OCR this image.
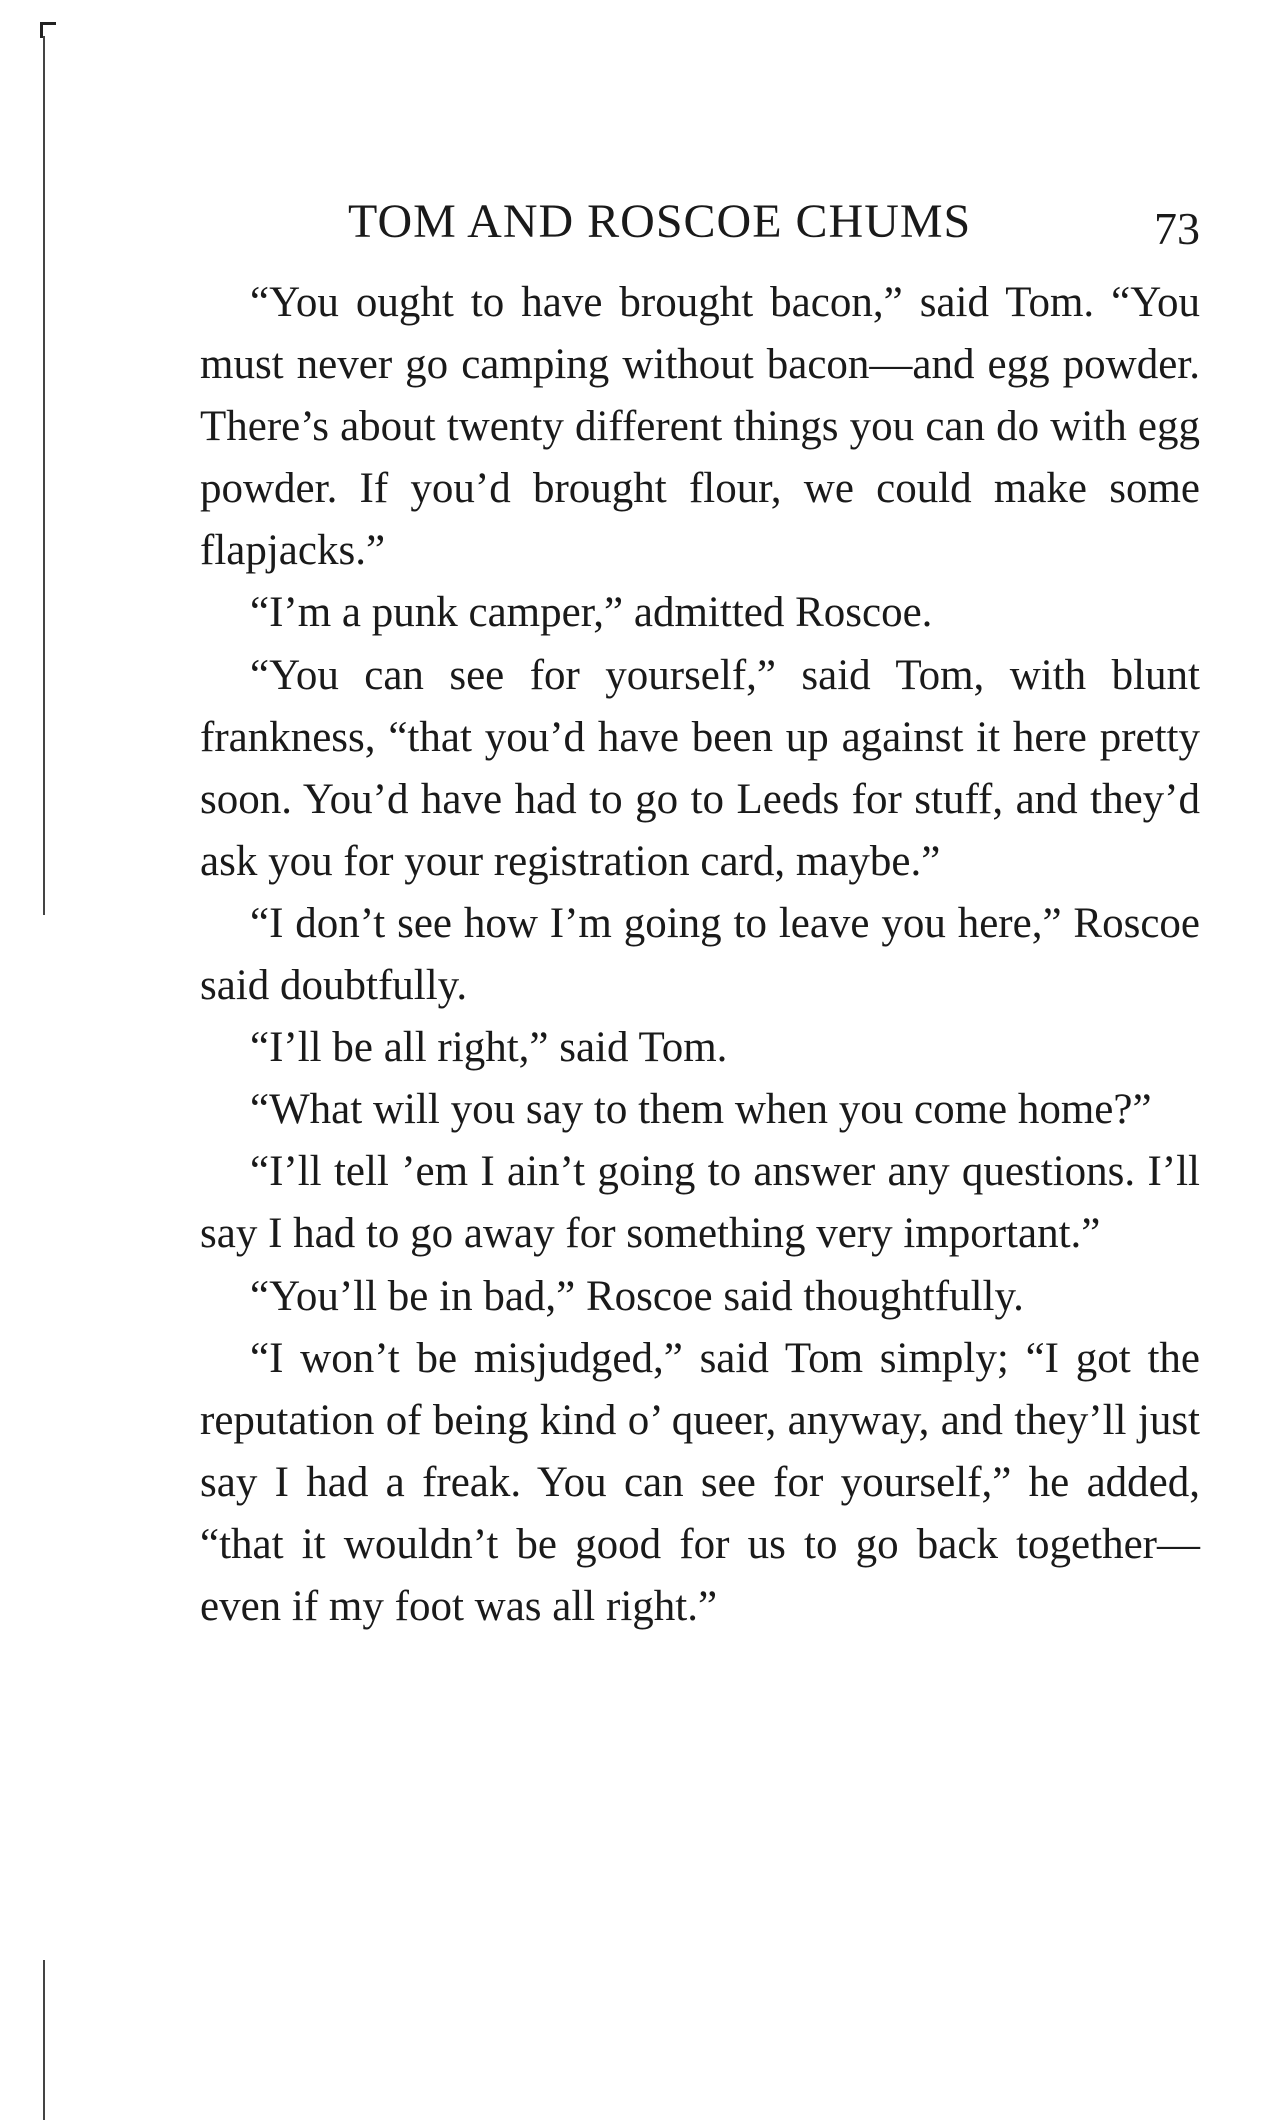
TOM AND ROSCOE CHUMS	73

“You ought to have brought bacon,” said Tom. “You must never go camping without bacon—and egg powder. There’s about twenty different things you can do with egg powder. If you’d brought flour, we could make some flapjacks.”

“I’m a punk camper,” admitted Roscoe.

“You can see for yourself,” said Tom, with blunt frankness, “that you’d have been up against it here pretty soon. You’d have had to go to Leeds for stuff, and they’d ask you for your registration card, maybe.”

“I don’t see how I’m going to leave you here,” Roscoe said doubtfully.

“I’ll be all right,” said Tom.

“What will you say to them when you come home?”

“I’ll tell ’em I ain’t going to answer any questions. I’ll say I had to go away for something very important.”

“You’ll be in bad,” Roscoe said thoughtfully.

“I won’t be misjudged,” said Tom simply; “I got the reputation of being kind o’ queer, anyway, and they’ll just say I had a freak. You can see for yourself,” he added, “that it wouldn’t be good for us to go back together—even if my foot was all right.”
